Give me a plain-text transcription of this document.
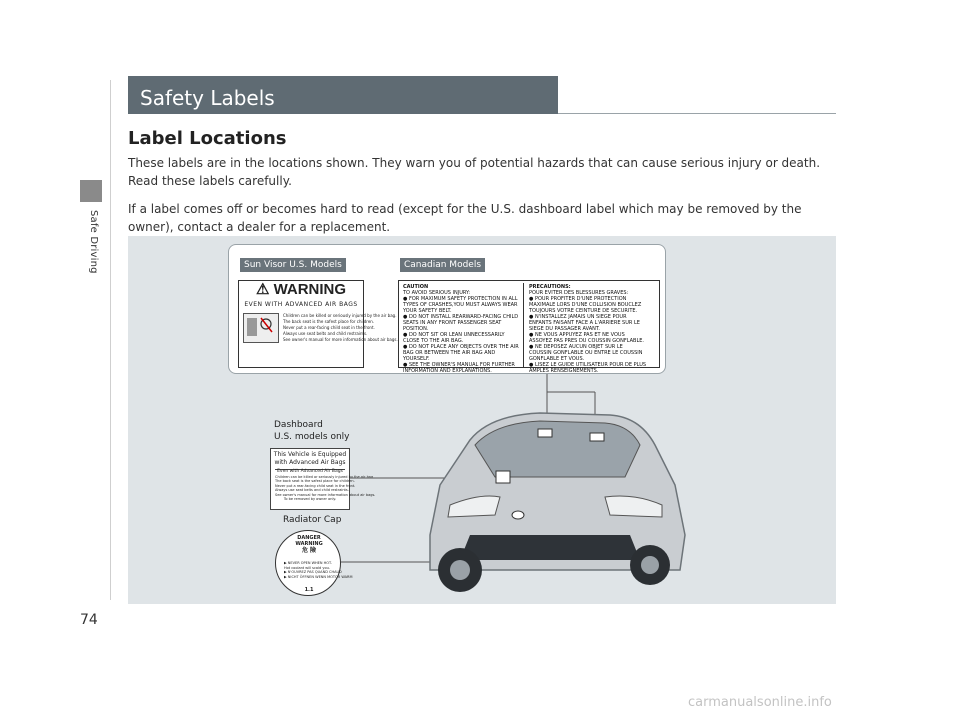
Safe Driving
Safety Labels
Label Locations
These labels are in the locations shown. They warn you of potential hazards that can cause serious injury or death. Read these labels carefully.
If a label comes off or becomes hard to read (except for the U.S. dashboard label which may be removed by the owner), contact a dealer for a replacement.
Sun Visor U.S. Models	Canadian Models
⚠ WARNING
EVEN WITH ADVANCED AIR BAGS
Children can be killed or seriously injured by the air bag.
The back seat is the safest place for children.
Never put a rear-facing child seat in the front.
Always use seat belts and child restraints.
See owner's manual for more information about air bags.
CAUTION
TO AVOID SERIOUS INJURY:
● FOR MAXIMUM SAFETY PROTECTION IN ALL TYPES OF CRASHES,YOU MUST ALWAYS WEAR YOUR SAFETY BELT.
● DO NOT INSTALL REARWARD-FACING CHILD SEATS IN ANY FRONT PASSENGER SEAT POSITION.
● DO NOT SIT OR LEAN UNNECESSARILY CLOSE TO THE AIR BAG.
● DO NOT PLACE ANY OBJECTS OVER THE AIR BAG OR BETWEEN THE AIR BAG AND YOURSELF.
● SEE THE OWNER'S MANUAL FOR FURTHER INFORMATION AND EXPLANATIONS.
PRECAUTIONS:
POUR EVITER DES BLESSURES GRAVES:
● POUR PROFITER D'UNE PROTECTION MAXIMALE LORS D'UNE COLLISION BOUCLEZ TOUJOURS VOTRE CEINTURE DE SECURITE.
● N'INSTALLEZ JAMAIS UN SIEGE POUR ENFANTS FAISANT FACE A L'ARRIERE SUR LE SIEGE DU PASSAGER AVANT.
● NE VOUS APPUYEZ PAS ET NE VOUS ASSOYEZ PAS PRES DU COUSSIN GONFLABLE.
● NE DEPOSEZ AUCUN OBJET SUR LE COUSSIN GONFLABLE OU ENTRE LE COUSSIN GONFLABLE ET VOUS.
● LISEZ LE GUIDE UTILISATEUR POUR DE PLUS AMPLES RENSEIGNEMENTS.
Dashboard
U.S. models only
This Vehicle is Equipped with Advanced Air Bags
Even with Advanced Air Bags
Children can be killed or seriously injured by the air bag.
The back seat is the safest place for children.
Never put a rear-facing child seat in the front.
Always use seat belts and child restraints.
See owner's manual for more information about air bags.
To be removed by owner only.
Radiator Cap
DANGER
WARNING
危 險
▶ NEVER OPEN WHEN HOT.
Hot coolant will scald you.
▶ N'OUVREZ PAS QUAND CHAUD
▶ NICHT ÖFFNEN WENN MOTOR WARM
1.1
74
carmanualsonline.info
